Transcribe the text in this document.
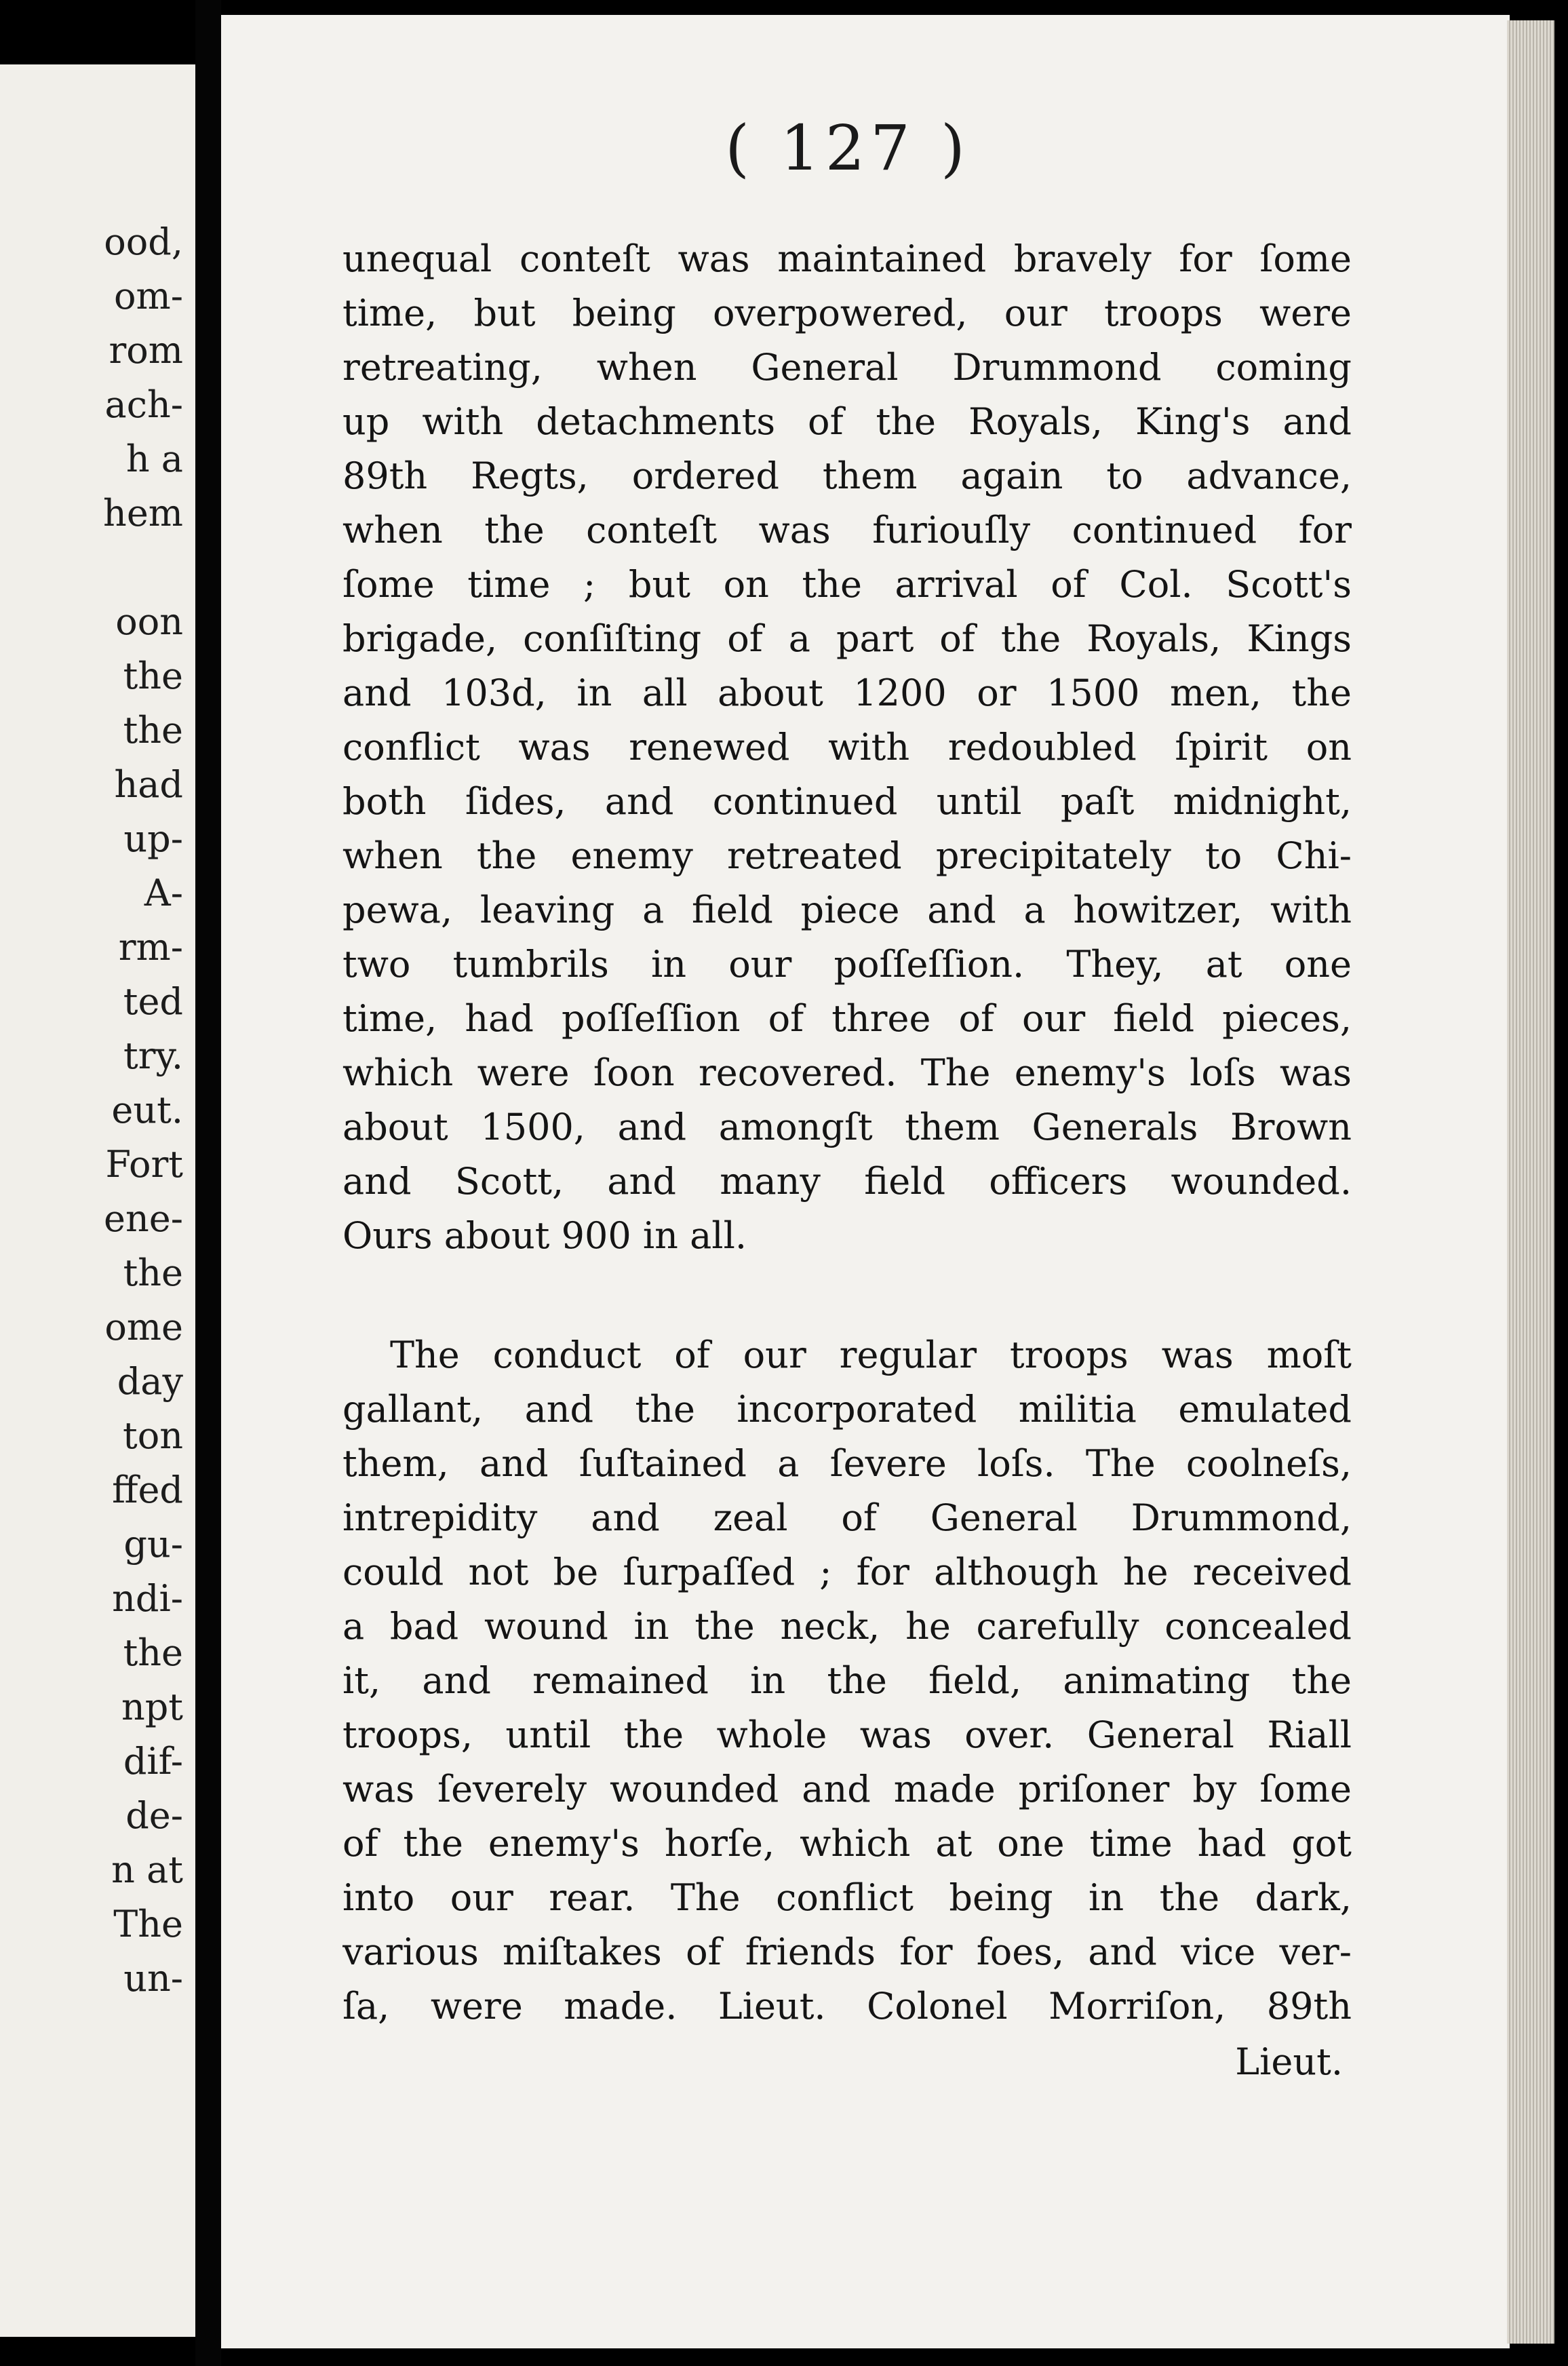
ood,
om-
rom
ach-
h a
hem
oon
the
the
had
up-
A-
rm-
ted
try.
eut.
Fort
ene-
the
ome
day
ton
ffed
gu-
ndi-
the
npt
dif-
de-
n at
The
un-

( 127 )

unequal conteſt was maintained bravely for ſome
time, but being overpowered, our troops were
retreating, when General Drummond coming
up with detachments of the Royals, King's and
89th Regts, ordered them again to advance,
when the conteſt was furiouſly continued for
ſome time ; but on the arrival of Col. Scott's
brigade, conſiſting of a part of the Royals, Kings
and 103d, in all about 1200 or 1500 men, the
conflict was renewed with redoubled ſpirit on
both ſides, and continued until paſt midnight,
when the enemy retreated precipitately to Chi-
pewa, leaving a field piece and a howitzer, with
two tumbrils in our poſſeſſion. They, at one
time, had poſſeſſion of three of our field pieces,
which were ſoon recovered. The enemy's loſs was
about 1500, and amongſt them Generals Brown
and Scott, and many field officers wounded.
Ours about 900 in all.
The conduct of our regular troops was moſt
gallant, and the incorporated militia emulated
them, and ſuſtained a ſevere loſs. The coolneſs,
intrepidity and zeal of General Drummond,
could not be ſurpaſſed ; for although he received
a bad wound in the neck, he carefully concealed
it, and remained in the field, animating the
troops, until the whole was over. General Riall
was ſeverely wounded and made priſoner by ſome
of the enemy's horſe, which at one time had got
into our rear. The conflict being in the dark,
various miſtakes of friends for foes, and vice ver-
ſa, were made. Lieut. Colonel Morriſon, 89th

Lieut.
